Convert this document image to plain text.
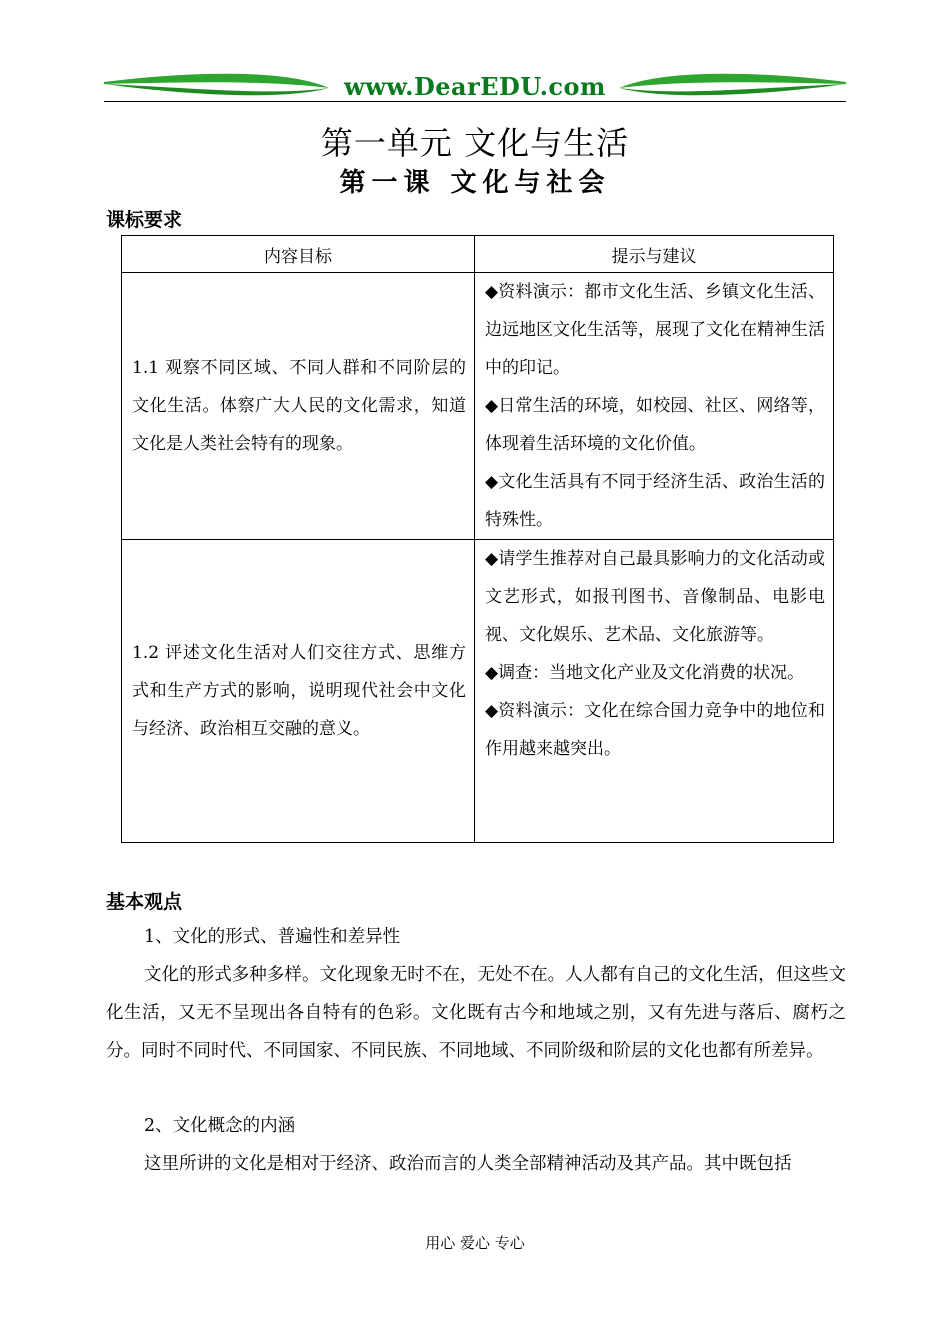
www.DearEDU.com
第一单元 文化与生活
第一课 文化与社会
课标要求
内容目标	提示与建议
1.1 观察不同区域、不同人群和不同阶层的文化生活。体察广大人民的文化需求，知道文化是人类社会特有的现象。	◆资料演示：都市文化生活、乡镇文化生活、边远地区文化生活等，展现了文化在精神生活中的印记。
◆日常生活的环境，如校园、社区、网络等，体现着生活环境的文化价值。
◆文化生活具有不同于经济生活、政治生活的特殊性。

1.2 评述文化生活对人们交往方式、思维方式和生产方式的影响，说明现代社会中文化与经济、政治相互交融的意义。	◆请学生推荐对自己最具影响力的文化活动或文艺形式，如报刊图书、音像制品、电影电视、文化娱乐、艺术品、文化旅游等。
◆调查：当地文化产业及文化消费的状况。
◆资料演示：文化在综合国力竞争中的地位和作用越来越突出。
基本观点
1、文化的形式、普遍性和差异性
文化的形式多种多样。文化现象无时不在，无处不在。人人都有自己的文化生活，但这些文化生活，又无不呈现出各自特有的色彩。文化既有古今和地域之别，又有先进与落后、腐朽之分。同时不同时代、不同国家、不同民族、不同地域、不同阶级和阶层的文化也都有所差异。
2、文化概念的内涵
这里所讲的文化是相对于经济、政治而言的人类全部精神活动及其产品。其中既包括
用心 爱心 专心
